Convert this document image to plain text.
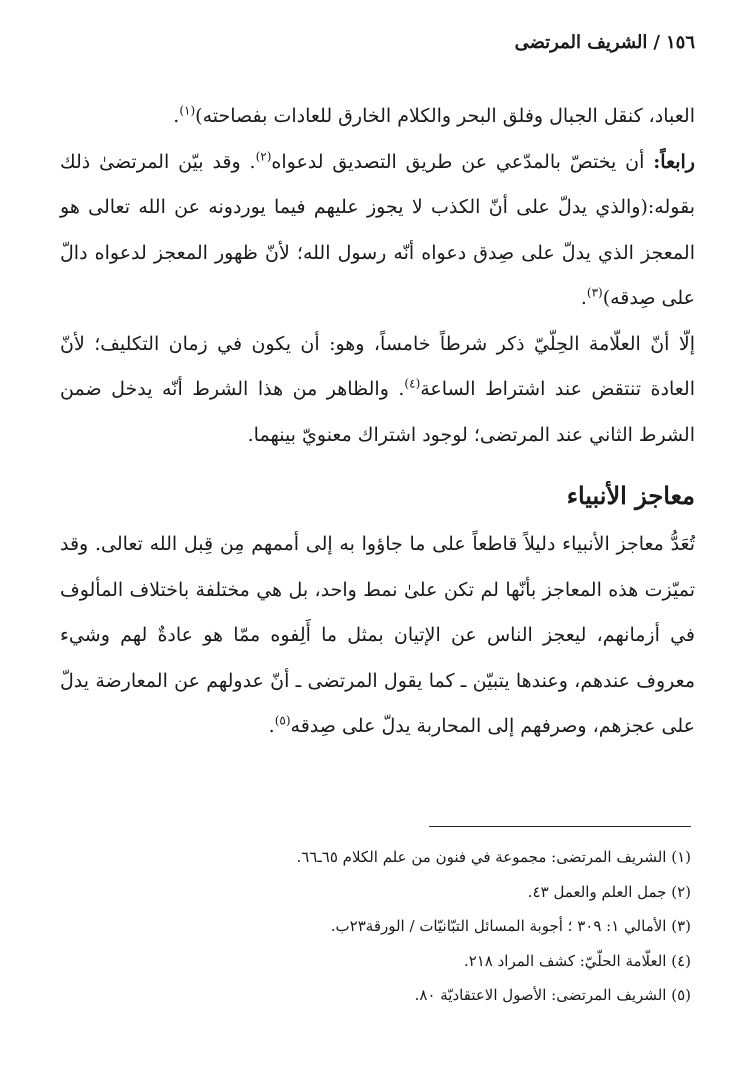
١٥٦/الشريف المرتضى

العباد، كنقل الجبال وفلق البحر والكلام الخارق للعادات بفصاحته)$^{(١)}$.

رابعاً: أن يختصّ بالمدّعي عن طريق التصديق لدعواه$^{(٢)}$. وقد بيّن المرتضىٰ ذلك بقوله:(والذي يدلّ على أنّ الكذب لا يجوز عليهم فيما يوردونه عن الله تعالى هو المعجز الذي يدلّ على صِدق دعواه أنّه رسول الله؛ لأنّ ظهور المعجز لدعواه دالّ على صِدقه)$^{(٣)}$.

إلّا أنّ العلّامة الحِلّيّ ذكر شرطاً خامساً، وهو: أن يكون في زمان التكليف؛ لأنّ العادة تنتقض عند اشتراط الساعة$^{(٤)}$. والظاهر من هذا الشرط أنّه يدخل ضمن الشرط الثاني عند المرتضى؛ لوجود اشتراك معنويّ بينهما.

معاجز الأنبياء

تُعَدُّ معاجز الأنبياء دليلاً قاطعاً على ما جاؤوا به إلى أممهم مِن قِبل الله تعالى. وقد تميّزت هذه المعاجز بأنّها لم تكن علىٰ نمط واحد، بل هي مختلفة باختلاف المألوف في أزمانهم، ليعجز الناس عن الإتيان بمثل ما أَلِفوه ممّا هو عادةٌ لهم وشيء معروف عندهم، وعندها يتبيّن ـ كما يقول المرتضى ـ أنّ عدولهم عن المعارضة يدلّ على عجزهم، وصرفهم إلى المحاربة يدلّ على صِدقه$^{(٥)}$.

(١) الشريف المرتضى: مجموعة في فنون من علم الكلام ٦٥ـ٦٦.
(٢) جمل العلم والعمل ٤٣.
(٣) الأمالي ١: ٣٠٩ ؛ أجوبة المسائل التبّانيّات / الورقة٢٣ب.
(٤) العلّامة الحلّيّ: كشف المراد ٢١٨.
(٥) الشريف المرتضى: الأصول الاعتقاديّة ٨٠.
